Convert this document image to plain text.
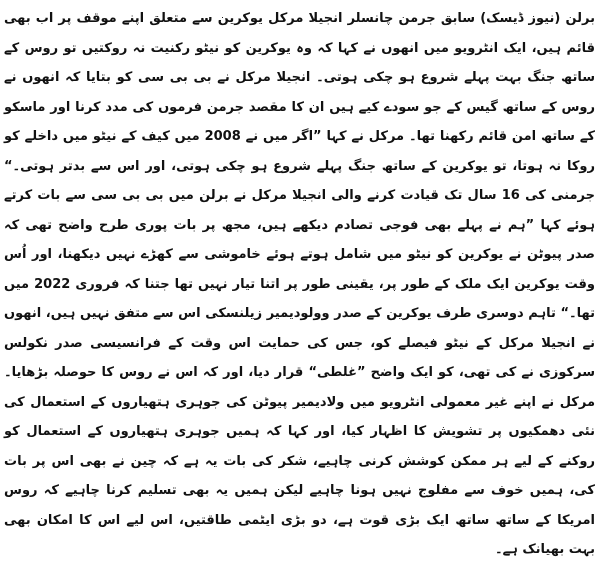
برلن (نیوز ڈیسک) سابق جرمن چانسلر انجیلا مرکل یوکرین سے متعلق اپنے موقف پر اب بھی قائم ہیں، ایک انٹرویو میں انھوں نے کہا کہ وہ یوکرین کو نیٹو رکنیت نہ روکتیں تو روس کے ساتھ جنگ بہت پہلے شروع ہو چکی ہوتی۔ انجیلا مرکل نے بی بی سی کو بتایا کہ انھوں نے روس کے ساتھ گیس کے جو سودے کیے ہیں ان کا مقصد جرمن فرموں کی مدد کرنا اور ماسکو کے ساتھ امن قائم رکھنا تھا۔ مرکل نے کہا ”اگر میں نے 2008 میں کیف کے نیٹو میں داخلے کو روکا نہ ہوتا، تو یوکرین کے ساتھ جنگ پہلے شروع ہو چکی ہوتی، اور اس سے بدتر ہوتی۔“ جرمنی کی 16 سال تک قیادت کرنے والی انجیلا مرکل نے برلن میں بی بی سی سے بات کرتے ہوئے کہا ”ہم نے پہلے بھی فوجی تصادم دیکھے ہیں، مجھ پر بات پوری طرح واضح تھی کہ صدر پیوٹن نے یوکرین کو نیٹو میں شامل ہوتے ہوئے خاموشی سے کھڑے نہیں دیکھنا، اور اُس وقت یوکرین ایک ملک کے طور پر، یقینی طور پر اتنا تیار نہیں تھا جتنا کہ فروری 2022 میں تھا۔“ تاہم دوسری طرف یوکرین کے صدر وولودیمیر زیلنسکی اس سے متفق نہیں ہیں، انھوں نے انجیلا مرکل کے نیٹو فیصلے کو، جس کی حمایت اس وقت کے فرانسیسی صدر نکولس سرکوزی نے کی تھی، کو ایک واضح ”غلطی“ قرار دیا، اور کہ اس نے روس کا حوصلہ بڑھایا۔ مرکل نے اپنے غیر معمولی انٹرویو میں ولادیمیر پیوٹن کی جوہری ہتھیاروں کے استعمال کی نئی دھمکیوں پر تشویش کا اظہار کیا، اور کہا کہ ہمیں جوہری ہتھیاروں کے استعمال کو روکنے کے لیے ہر ممکن کوشش کرنی چاہیے، شکر کی بات یہ ہے کہ چین نے بھی اس پر بات کی، ہمیں خوف سے مفلوج نہیں ہونا چاہیے لیکن ہمیں یہ بھی تسلیم کرنا چاہیے کہ روس امریکا کے ساتھ ساتھ ایک بڑی قوت ہے، دو بڑی ایٹمی طاقتیں، اس لیے اس کا امکان بھی بہت بھیانک ہے۔
